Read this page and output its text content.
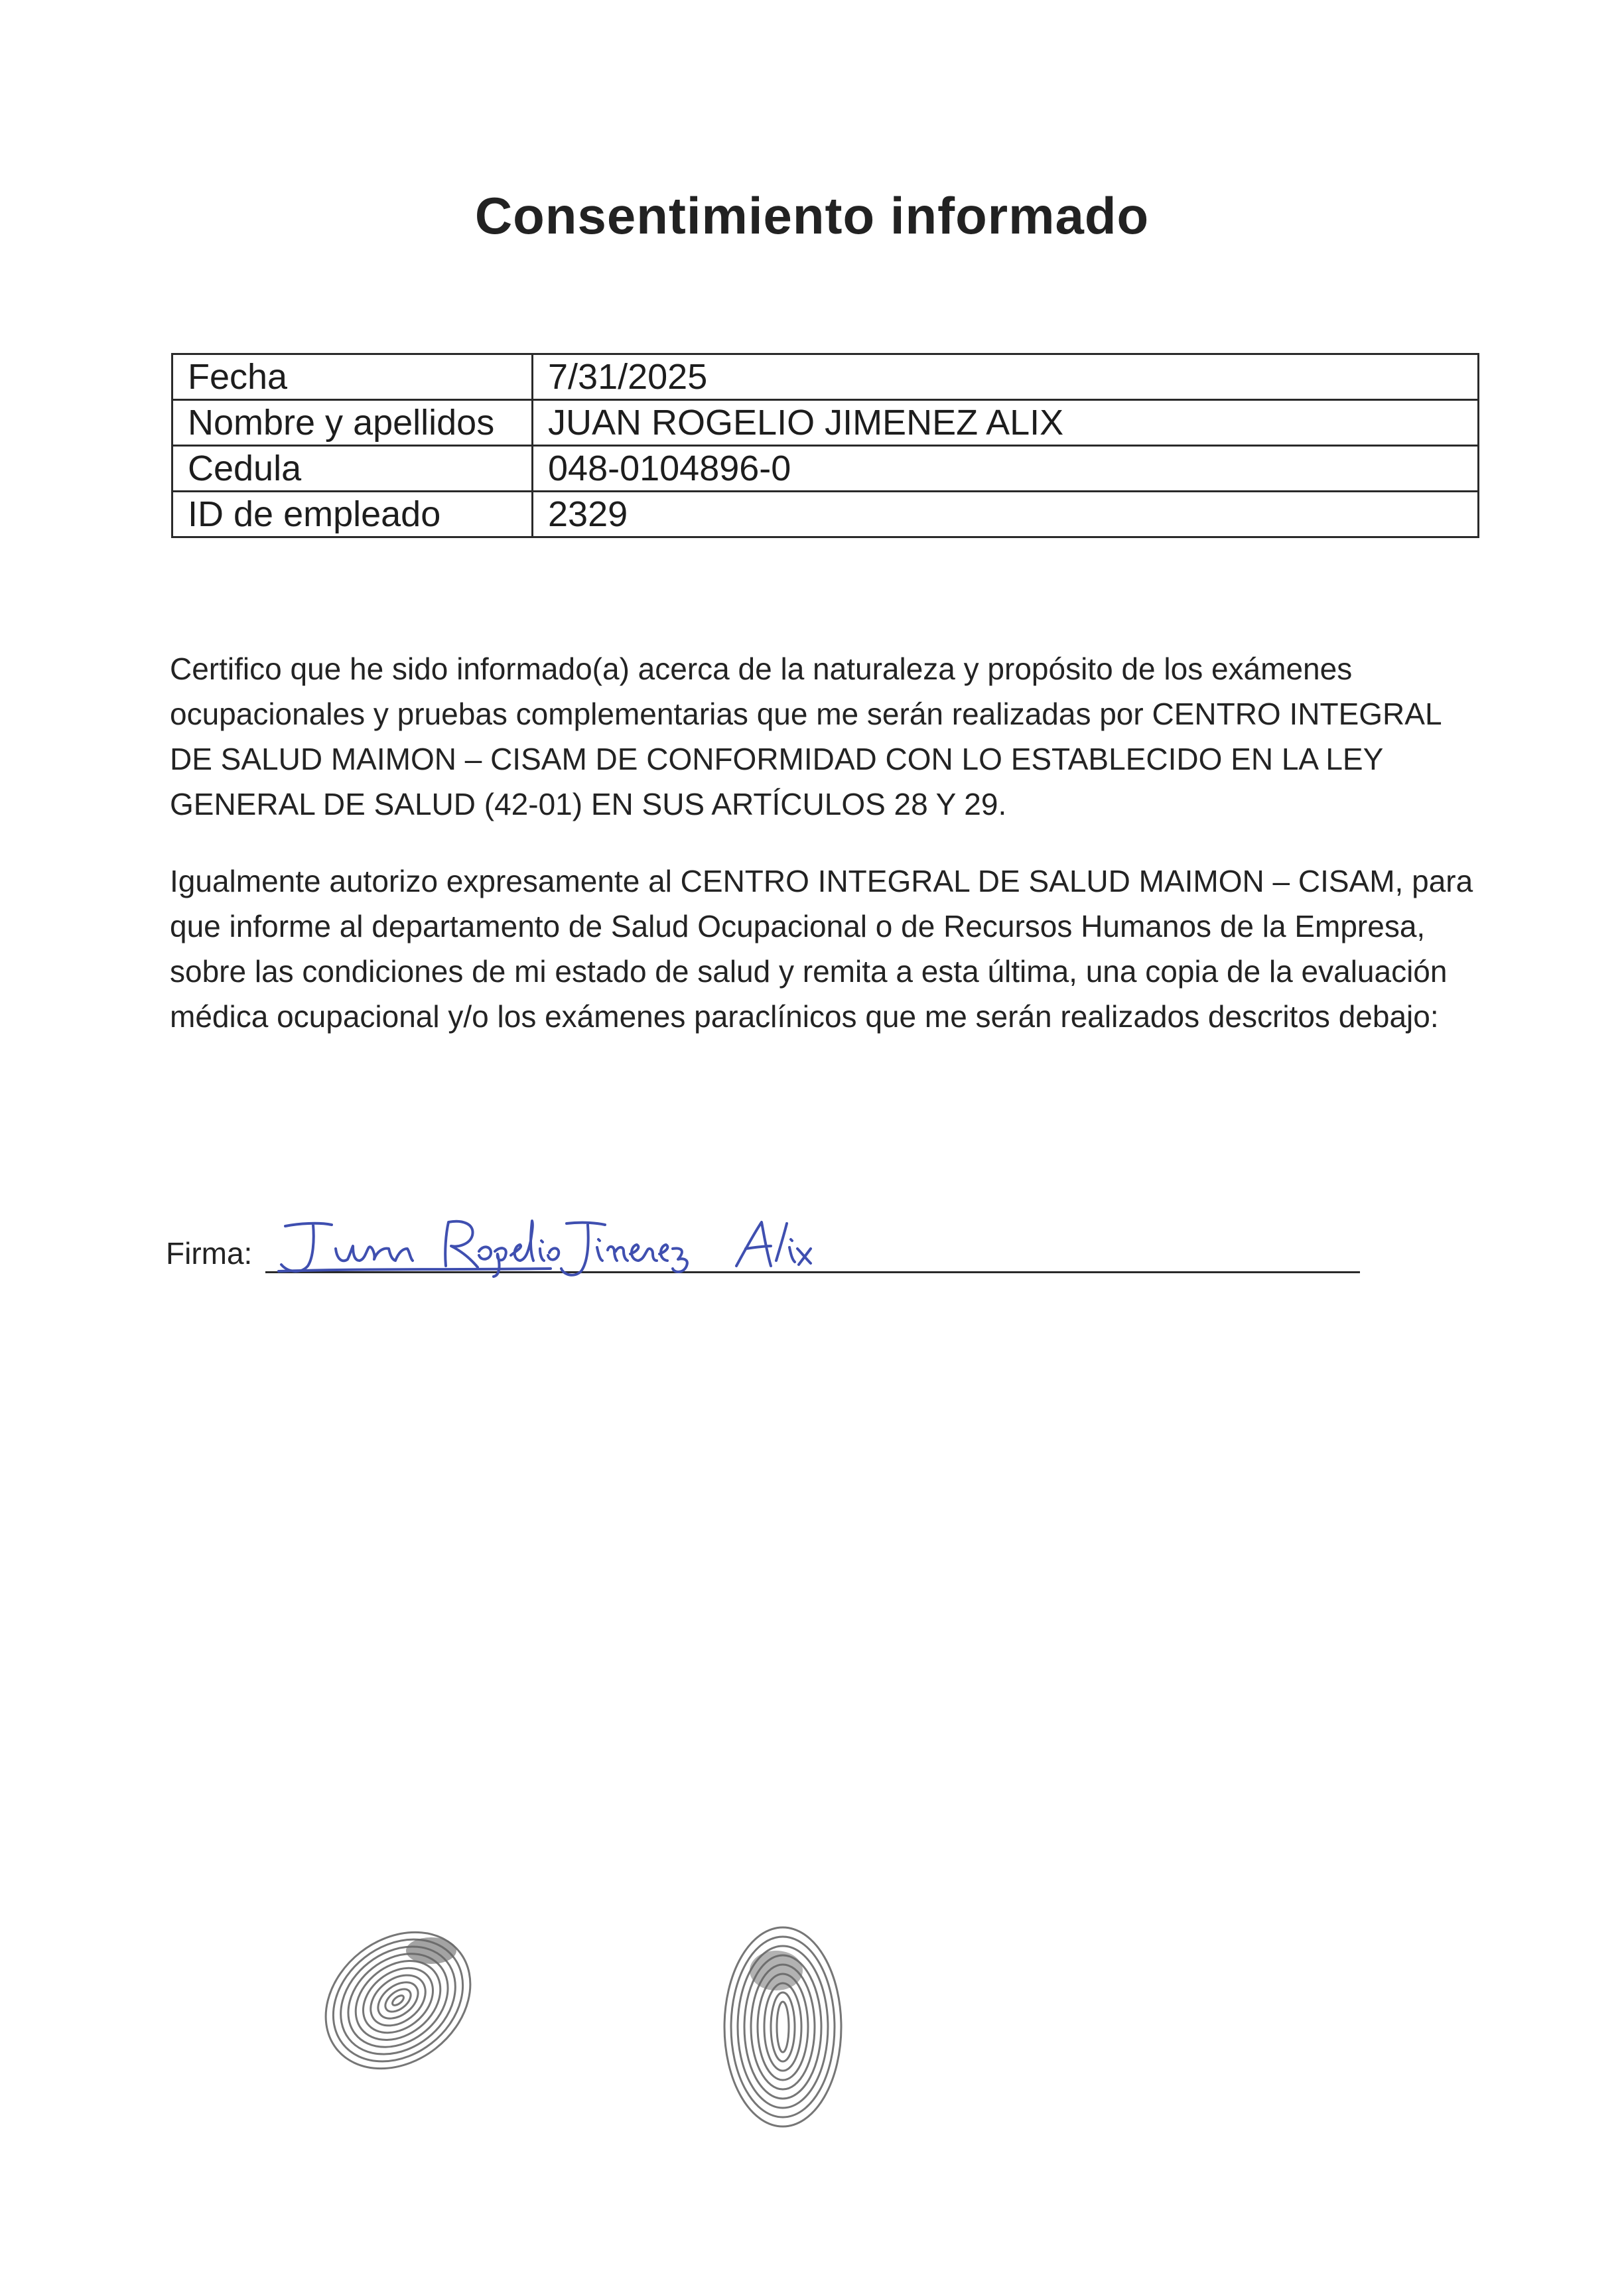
Consentimiento informado
Fecha	7/31/2025
Nombre y apellidos	JUAN ROGELIO JIMENEZ ALIX
Cedula	048-0104896-0
ID de empleado	2329

Certifico que he sido informado(a) acerca de la naturaleza y propósito de los exámenes ocupacionales y pruebas complementarias que me serán realizadas por CENTRO INTEGRAL DE SALUD MAIMON – CISAM DE CONFORMIDAD CON LO ESTABLECIDO EN LA LEY GENERAL DE SALUD (42-01) EN SUS ARTÍCULOS 28 Y 29.

Igualmente autorizo expresamente al CENTRO INTEGRAL DE SALUD MAIMON – CISAM, para que informe al departamento de Salud Ocupacional o de Recursos Humanos de la Empresa, sobre las condiciones de mi estado de salud y remita a esta última, una copia de la evaluación médica ocupacional y/o los exámenes paraclínicos que me serán realizados descritos debajo:

Firma:
